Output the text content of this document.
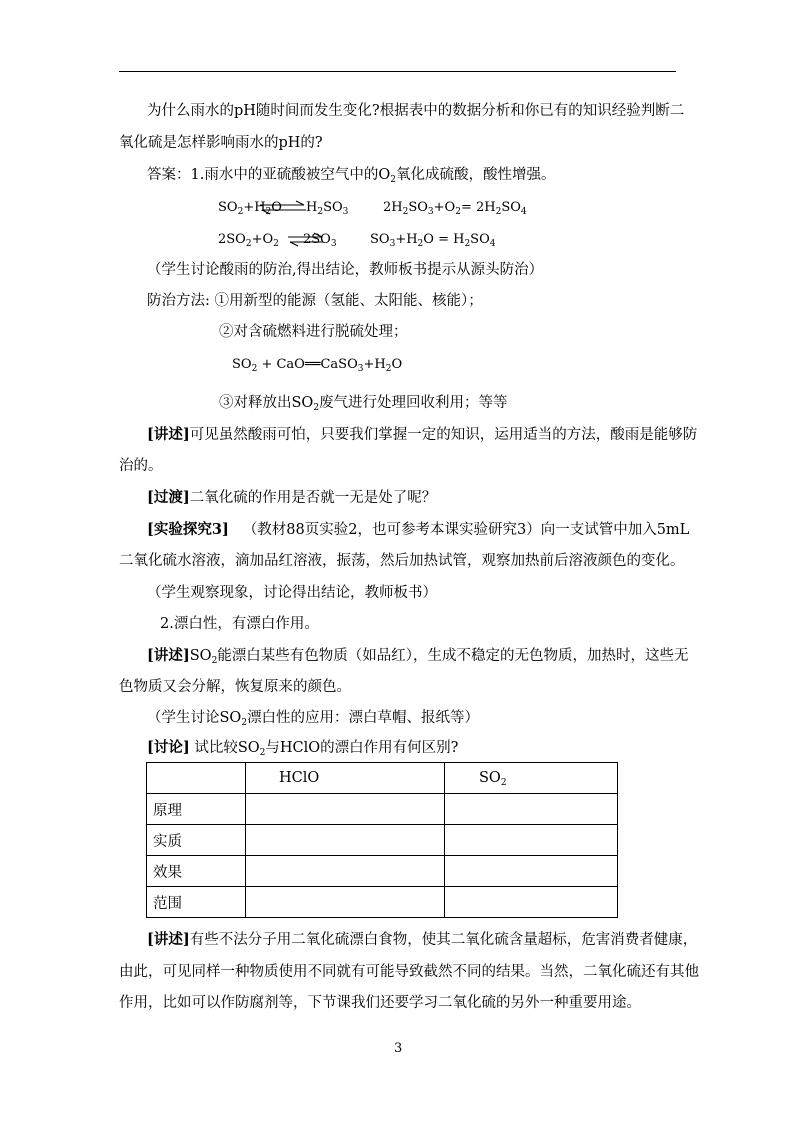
为什么雨水的pH随时间而发生变化?根据表中的数据分析和你已有的知识经验判断二
氧化硫是怎样影响雨水的pH的?
答案：1.雨水中的亚硫酸被空气中的$O_2$氧化成硫酸，酸性增强。
$SO_2+H_2O$ $H_2SO_3$	$2H_2SO_3+O_2= 2H_2SO_4$
$2SO_2+O_2$ ⇌
$2SO_3$	$SO_3+H_2O = H_2SO_4$
（学生讨论酸雨的防治,得出结论，教师板书提示从源头防治）
防治方法: ①用新型的能源（氢能、太阳能、核能）；
②对含硫燃料进行脱硫处理；
$SO_2$ + $CaO══CaSO_3+H_2O$
③对释放出$SO_2$废气进行处理回收利用；等等
[讲述]可见虽然酸雨可怕，只要我们掌握一定的知识，运用适当的方法，酸雨是能够防
治的。
[过渡]二氧化硫的作用是否就一无是处了呢？
[实验探究3] （教材88页实验2，也可参考本课实验研究3）向一支试管中加入5mL
二氧化硫水溶液，滴加品红溶液，振荡，然后加热试管，观察加热前后溶液颜色的变化。
（学生观察现象，讨论得出结论，教师板书）
2.漂白性，有漂白作用。
[讲述]$SO_2$能漂白某些有色物质（如品红），生成不稳定的无色物质，加热时，这些无
色物质又会分解，恢复原来的颜色。
（学生讨论$SO_2$漂白性的应用：漂白草帽、报纸等）
[讨论] 试比较$SO_2$与HClO的漂白作用有何区别?
	HClO	$SO_2$
原理		
实质		
效果		
范围		
[讲述]有些不法分子用二氧化硫漂白食物，使其二氧化硫含量超标，危害消费者健康，
由此，可见同样一种物质使用不同就有可能导致截然不同的结果。当然，二氧化硫还有其他
作用，比如可以作防腐剂等，下节课我们还要学习二氧化硫的另外一种重要用途。
3
